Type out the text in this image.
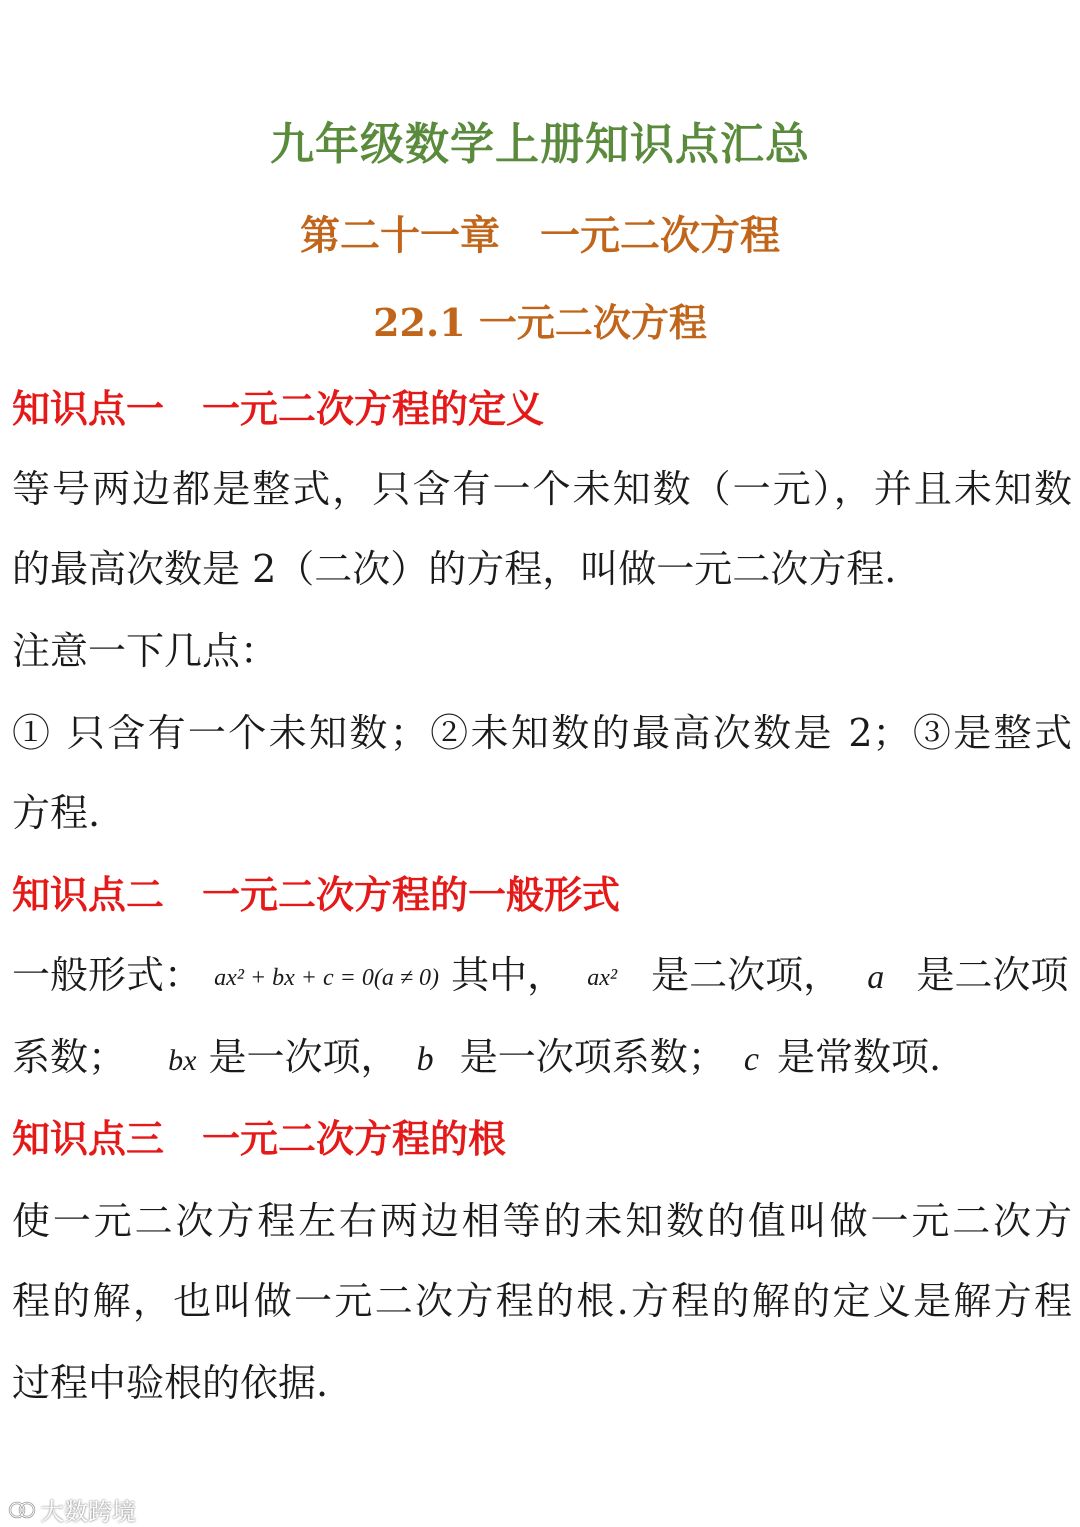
九年级数学上册知识点汇总
第二十一章　一元二次方程
22.1 一元二次方程
知识点一　一元二次方程的定义
等号两边都是整式，只含有一个未知数（一元），并且未知数
的最高次数是 2（二次）的方程，叫做一元二次方程.
注意一下几点：
① 只含有一个未知数；②未知数的最高次数是 2；③是整式
方程.
知识点二　一元二次方程的一般形式
一般形式： ax² + bx + c = 0(a ≠ 0) 其中， ax² 是二次项， a 是二次项
系数； bx 是一次项， b 是一次项系数； c 是常数项.
知识点三　一元二次方程的根
使一元二次方程左右两边相等的未知数的值叫做一元二次方
程的解，也叫做一元二次方程的根.方程的解的定义是解方程
过程中验根的依据.
大数跨境
